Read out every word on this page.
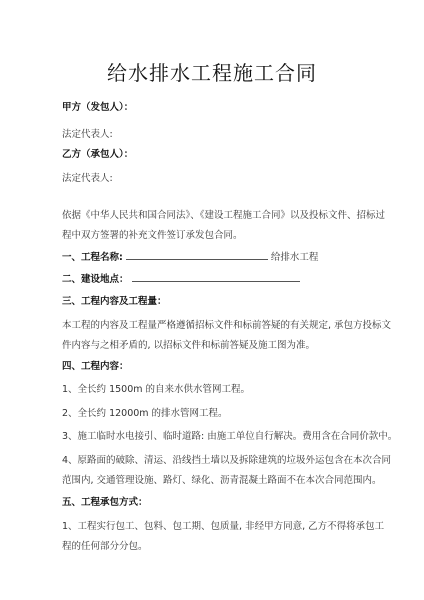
给水排水工程施工合同
甲方（发包人）：
法定代表人:
乙方（承包人）：
法定代表人:
依据《中华人民共和国合同法》、《建设工程施工合同》以及投标文件、招标过
程中双方签署的补充文件签订承发包合同。
一、工程名称:	给排水工程
二、建设地点：
三、工程内容及工程量：
本工程的内容及工程量严格遵循招标文件和标前答疑的有关规定, 承包方投标文
件内容与之相矛盾的, 以招标文件和标前答疑及施工图为准。
四、工程内容：
1、全长约 1500m 的自来水供水管网工程。
2、全长约 12000m 的排水管网工程。
3、施工临时水电接引、临时道路: 由施工单位自行解决。费用含在合同价款中。
4、原路面的破除、清运、沿线挡土墙以及拆除建筑的垃圾外运包含在本次合同
范围内, 交通管理设施、路灯、绿化、沥青混凝土路面不在本次合同范围内。
五、工程承包方式：
1、工程实行包工、包料、包工期、包质量, 非经甲方同意, 乙方不得将承包工
程的任何部分分包。
